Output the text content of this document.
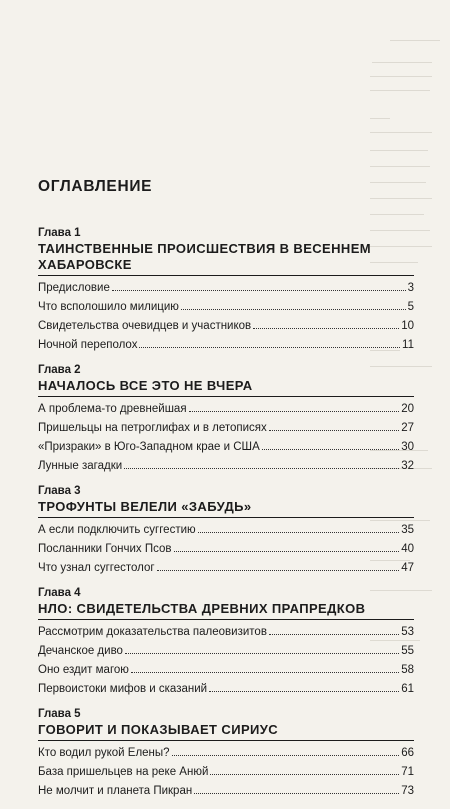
ОГЛАВЛЕНИЕ
Глава 1
ТАИНСТВЕННЫЕ ПРОИСШЕСТВИЯ В ВЕСЕННЕМ ХАБАРОВСКЕ
Предисловие	3
Что всполошило милицию	5
Свидетельства очевидцев и участников	10
Ночной переполох	11
Глава 2
НАЧАЛОСЬ ВСЕ ЭТО НЕ ВЧЕРА
А проблема-то древнейшая	20
Пришельцы на петроглифах и в летописях	27
«Призраки» в Юго-Западном крае и США	30
Лунные загадки	32
Глава 3
ТРОФУНТЫ ВЕЛЕЛИ «ЗАБУДЬ»
А если подключить суггестию	35
Посланники Гончих Псов	40
Что узнал суггестолог	47
Глава 4
НЛО: СВИДЕТЕЛЬСТВА ДРЕВНИХ ПРАПРЕДКОВ
Рассмотрим доказательства палеовизитов	53
Дечанское диво	55
Оно ездит магою	58
Первоистоки мифов и сказаний	61
Глава 5
ГОВОРИТ И ПОКАЗЫВАЕТ СИРИУС
Кто водил рукой Елены?	66
База пришельцев на реке Анюй	71
Не молчит и планета Пикран	73
